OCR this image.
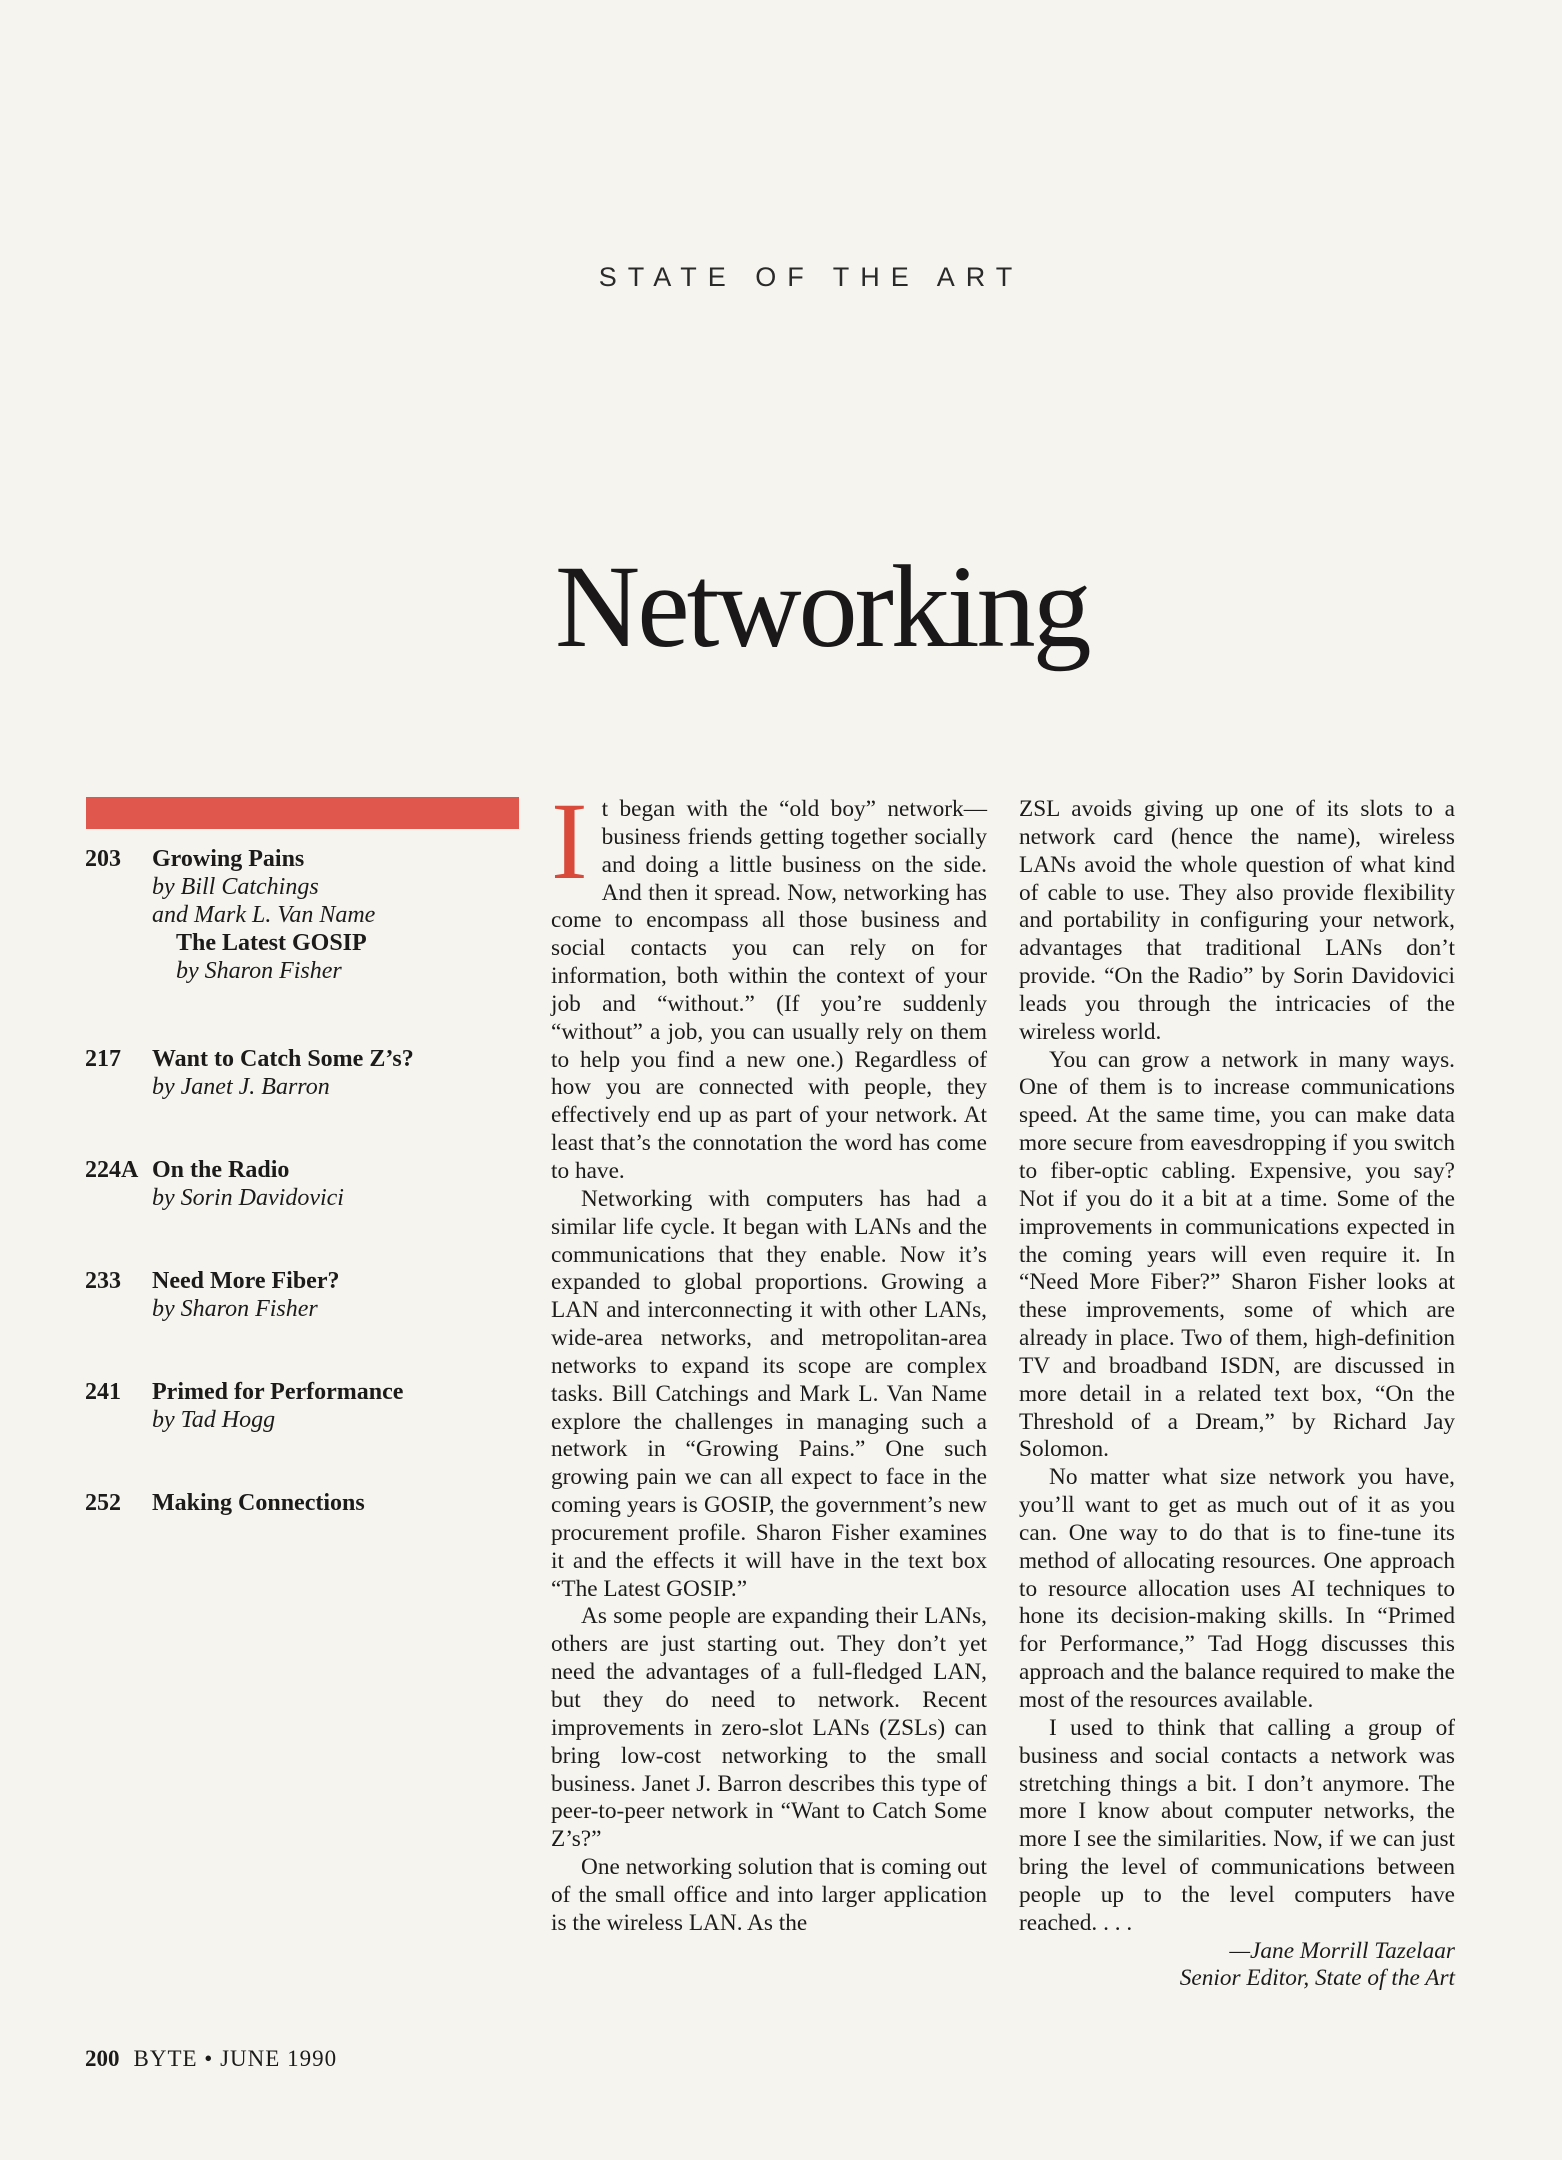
STATE OF THE ART
Networking
203 Growing Pains
by Bill Catchings
and Mark L. Van Name
The Latest GOSIP
by Sharon Fisher
217 Want to Catch Some Z’s?
by Janet J. Barron
224A On the Radio
by Sorin Davidovici
233 Need More Fiber?
by Sharon Fisher
241 Primed for Performance
by Tad Hogg
252 Making Connections

It began with the “old boy” network—business friends getting together socially and doing a little business on the side. And then it spread. Now, networking has come to encompass all those business and social contacts you can rely on for information, both within the context of your job and “without.” (If you’re suddenly “without” a job, you can usually rely on them to help you find a new one.) Regardless of how you are connected with people, they effectively end up as part of your network. At least that’s the connotation the word has come to have.

Networking with computers has had a similar life cycle. It began with LANs and the communications that they enable. Now it’s expanded to global proportions. Growing a LAN and interconnecting it with other LANs, wide-area networks, and metropolitan-area networks to expand its scope are complex tasks. Bill Catchings and Mark L. Van Name explore the challenges in managing such a network in “Growing Pains.” One such growing pain we can all expect to face in the coming years is GOSIP, the government’s new procurement profile. Sharon Fisher examines it and the effects it will have in the text box “The Latest GOSIP.”

As some people are expanding their LANs, others are just starting out. They don’t yet need the advantages of a full-fledged LAN, but they do need to network. Recent improvements in zero-slot LANs (ZSLs) can bring low-cost networking to the small business. Janet J. Barron describes this type of peer-to-peer network in “Want to Catch Some Z’s?”

One networking solution that is coming out of the small office and into larger application is the wireless LAN. As the

ZSL avoids giving up one of its slots to a network card (hence the name), wireless LANs avoid the whole question of what kind of cable to use. They also provide flexibility and portability in configuring your network, advantages that traditional LANs don’t provide. “On the Radio” by Sorin Davidovici leads you through the intricacies of the wireless world.

You can grow a network in many ways. One of them is to increase communications speed. At the same time, you can make data more secure from eavesdropping if you switch to fiber-optic cabling. Expensive, you say? Not if you do it a bit at a time. Some of the improvements in communications expected in the coming years will even require it. In “Need More Fiber?” Sharon Fisher looks at these improvements, some of which are already in place. Two of them, high-definition TV and broadband ISDN, are discussed in more detail in a related text box, “On the Threshold of a Dream,” by Richard Jay Solomon.

No matter what size network you have, you’ll want to get as much out of it as you can. One way to do that is to fine-tune its method of allocating resources. One approach to resource allocation uses AI techniques to hone its decision-making skills. In “Primed for Performance,” Tad Hogg discusses this approach and the balance required to make the most of the resources available.

I used to think that calling a group of business and social contacts a network was stretching things a bit. I don’t anymore. The more I know about computer networks, the more I see the similarities. Now, if we can just bring the level of communications between people up to the level computers have reached. . . .

—Jane Morrill Tazelaar
Senior Editor, State of the Art
200 BYTE • JUNE 1990
